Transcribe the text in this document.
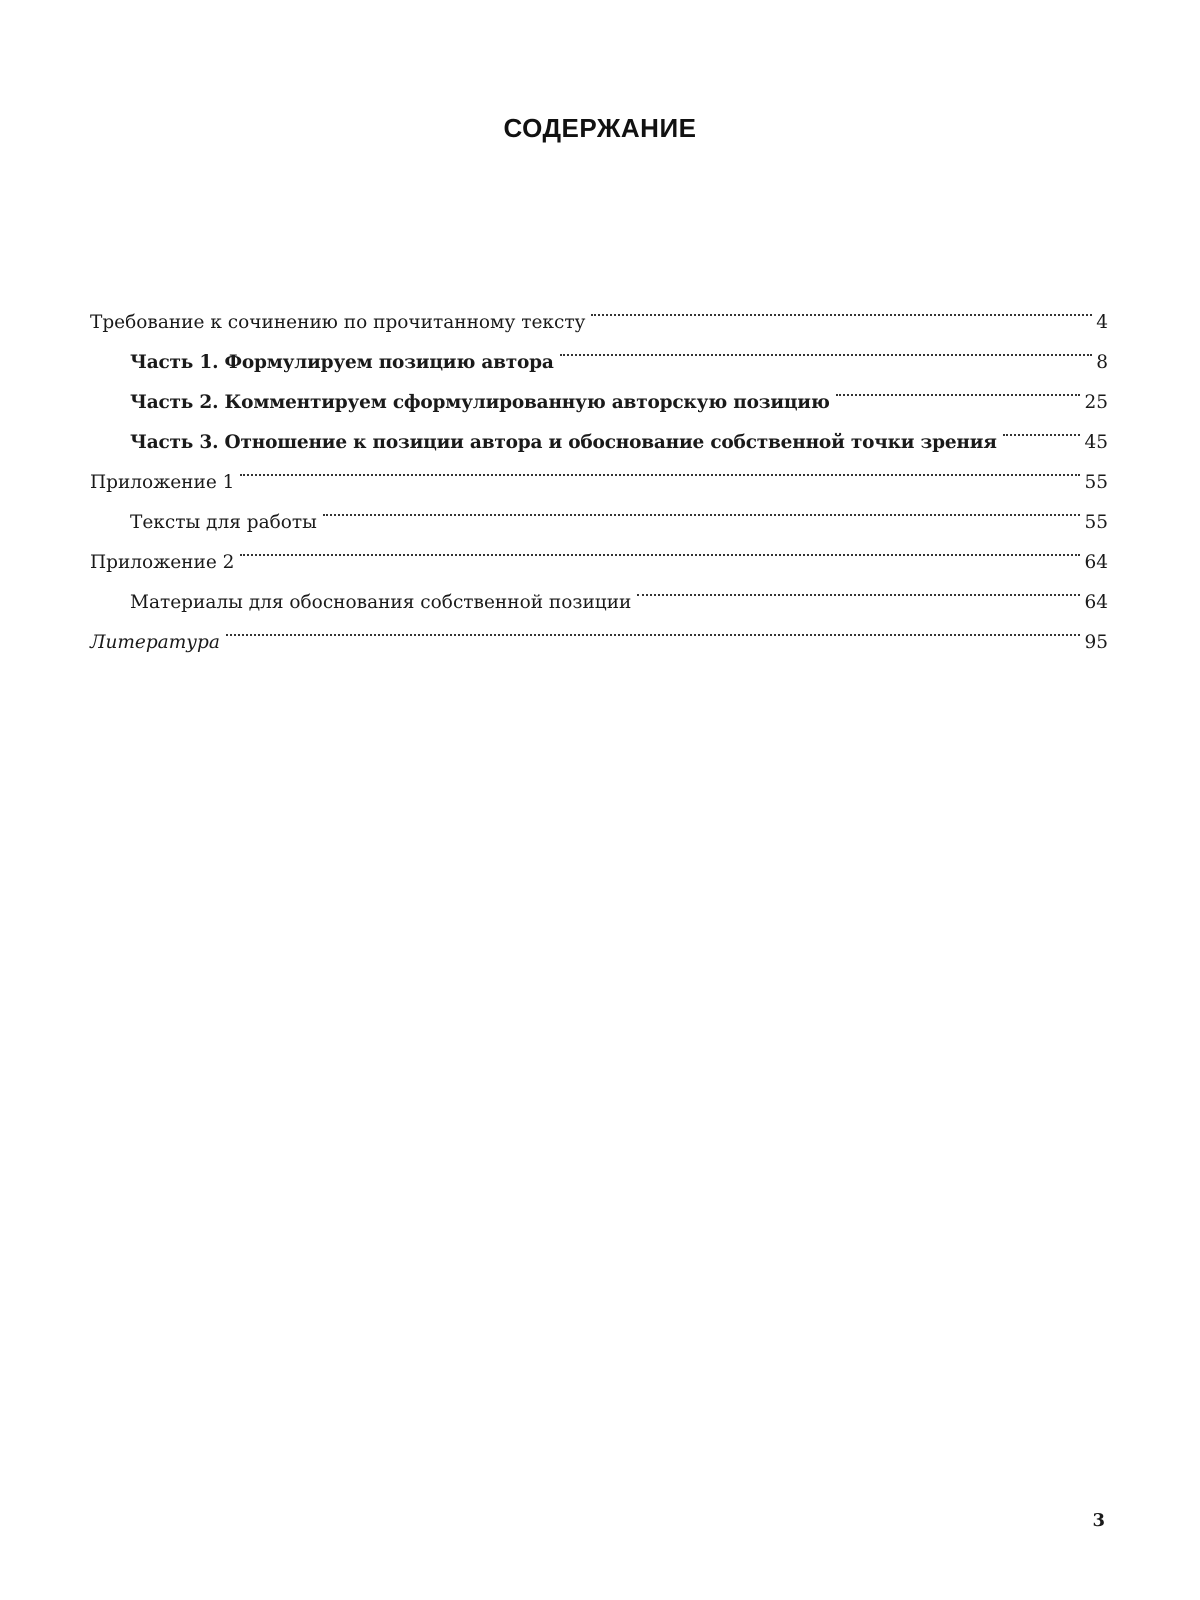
СОДЕРЖАНИЕ
Требование к сочинению по прочитанному тексту	4
Часть 1. Формулируем позицию автора	8
Часть 2. Комментируем сформулированную авторскую позицию	25
Часть 3. Отношение к позиции автора и обоснование собственной точки зрения	45
Приложение 1	55
Тексты для работы	55
Приложение 2	64
Материалы для обоснования собственной позиции	64
Литература	95
3
